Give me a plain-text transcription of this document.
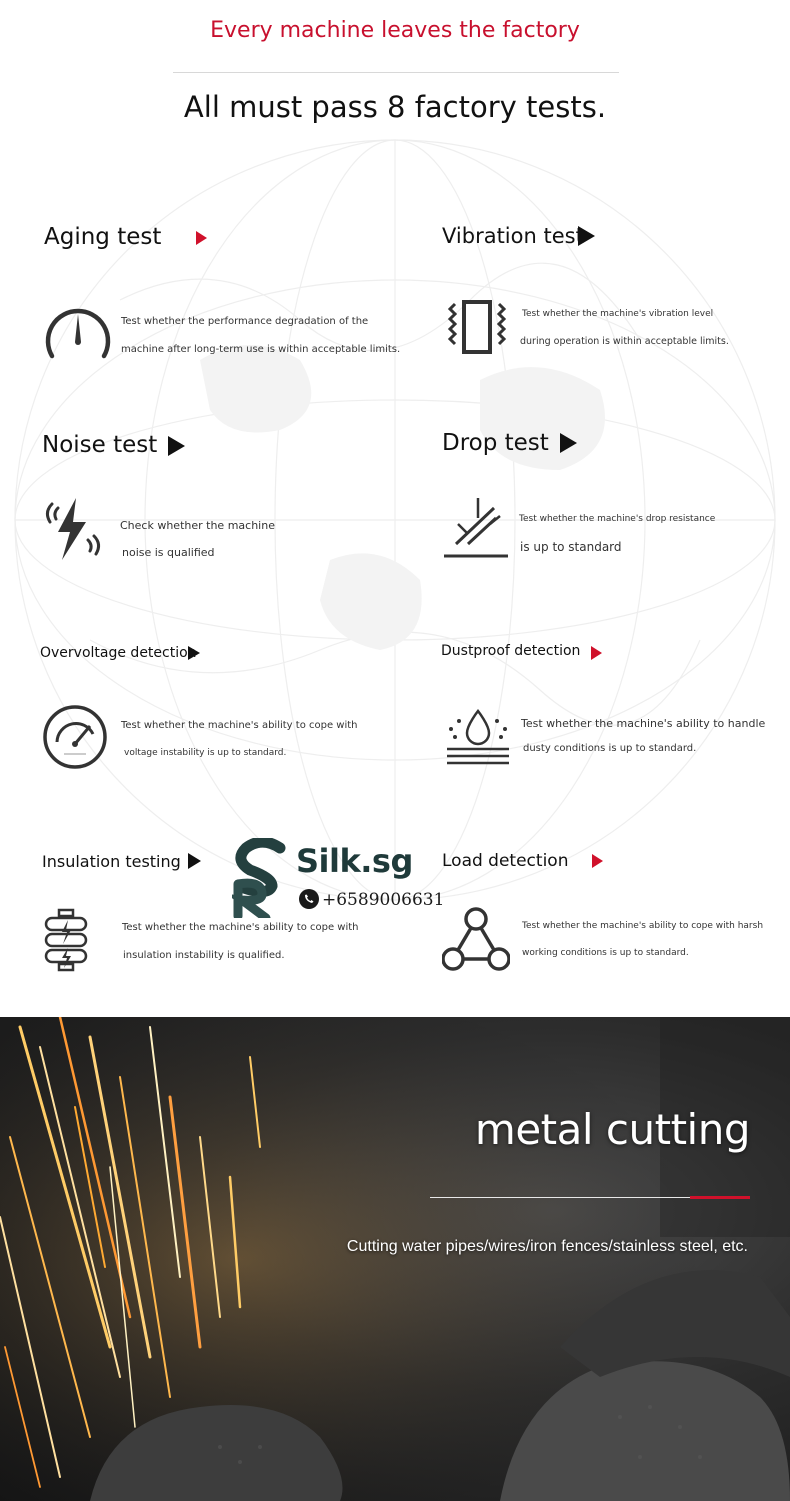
Every machine leaves the factory
All must pass 8 factory tests.
Aging test
Test whether the performance degradation of the
machine after long-term use is within acceptable limits.
Vibration test
Test whether the machine's vibration level
during operation is within acceptable limits.
Noise test
Check whether the machine
noise is qualified
Drop test
Test whether the machine's drop resistance
is up to standard
Overvoltage detection
Test whether the machine's ability to cope with
voltage instability is up to standard.
Dustproof detection
Test whether the machine's ability to handle
dusty conditions is up to standard.
Insulation testing
Test whether the machine's ability to cope with
insulation instability is qualified.
Load detection
Test whether the machine's ability to cope with harsh
working conditions is up to standard.
Silk.sg
+6589006631
metal cutting
Cutting water pipes/wires/iron fences/stainless steel, etc.
